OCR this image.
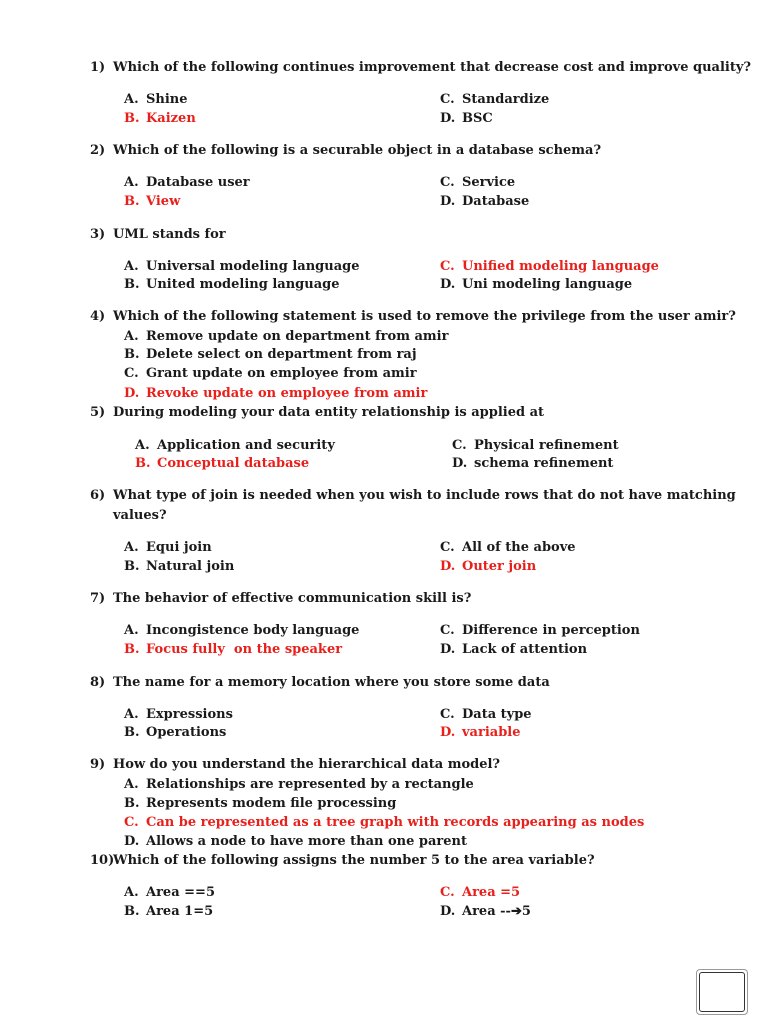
1) Which of the following continues improvement that decrease cost and improve quality?
A. Shine
B. Kaizen
C. Standardize
D. BSC
2) Which of the following is a securable object in a database schema?
A. Database user
B. View
C. Service
D. Database
3) UML stands for
A. Universal modeling language
B. United modeling language
C. Unified modeling language
D. Uni modeling language
4) Which of the following statement is used to remove the privilege from the user amir?
A. Remove update on department from amir
B. Delete select on department from raj
C. Grant update on employee from amir
D. Revoke update on employee from amir
5) During modeling your data entity relationship is applied at
A. Application and security
B. Conceptual database
C. Physical refinement
D. schema refinement
6) What type of join is needed when you wish to include rows that do not have matching
values?
A. Equi join
B. Natural join
C. All of the above
D. Outer join
7) The behavior of effective communication skill is?
A. Incongistence body language
B. Focus fully  on the speaker
C. Difference in perception
D. Lack of attention
8) The name for a memory location where you store some data
A. Expressions
B. Operations
C. Data type
D. variable
9) How do you understand the hierarchical data model?
A. Relationships are represented by a rectangle
B. Represents modem file processing
C. Can be represented as a tree graph with records appearing as nodes
D. Allows a node to have more than one parent
10)Which of the following assigns the number 5 to the area variable?
A. Area ==5
B. Area 1=5
C. Area =5
D. Area --➔5
